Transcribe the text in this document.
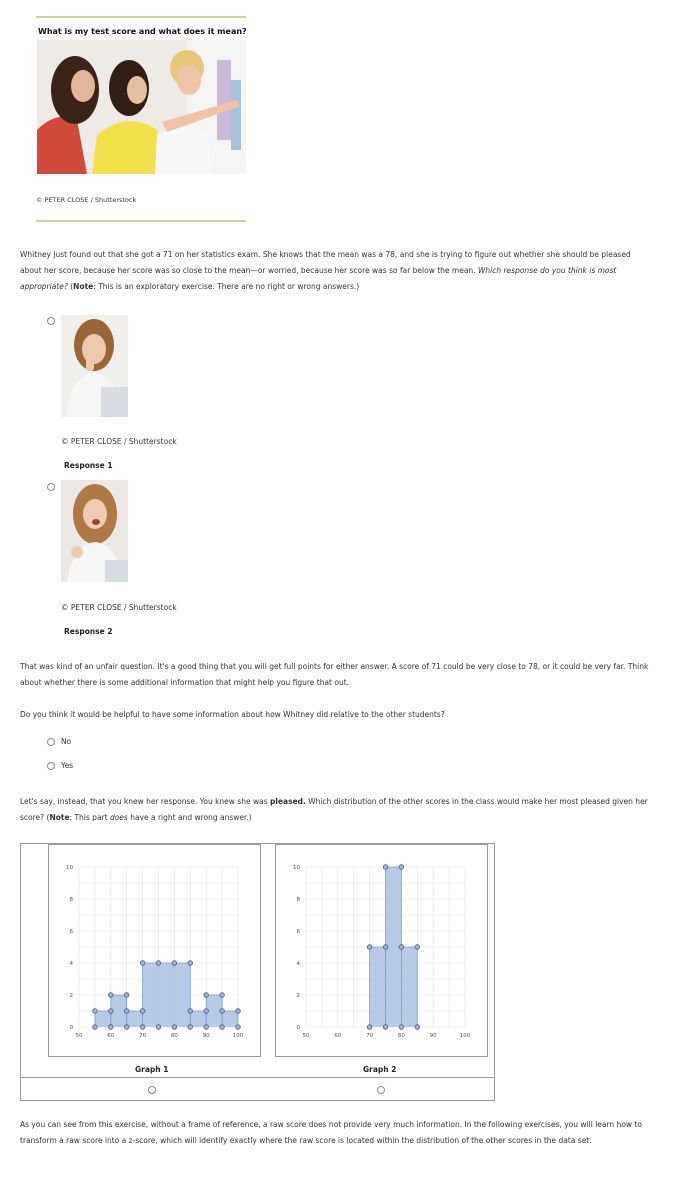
What is my test score and what does it mean?
© PETER CLOSE / Shutterstock
Whitney just found out that she got a 71 on her statistics exam. She knows that the mean was a 78, and she is trying to figure out whether she should be pleased about her score, because her score was so close to the mean—or worried, because her score was so far below the mean. Which response do you think is most appropriate? (Note: This is an exploratory exercise. There are no right or wrong answers.)
© PETER CLOSE / Shutterstock
Response 1
© PETER CLOSE / Shutterstock
Response 2
That was kind of an unfair question. It's a good thing that you will get full points for either answer. A score of 71 could be very close to 78, or it could be very far. Think about whether there is some additional information that might help you figure that out.
Do you think it would be helpful to have some information about how Whitney did relative to the other students?
No
Yes
Let's say, instead, that you knew her response. You knew she was pleased. Which distribution of the other scores in the class would make her most pleased given her score? (Note: This part does have a right and wrong answer.)
0
2
4
6
8
10
50	60	70	80	90	100
0
2
4
6
8
10
50	60	70	80	90	100
Graph 1	Graph 2
As you can see from this exercise, without a frame of reference, a raw score does not provide very much information. In the following exercises, you will learn how to transform a raw score into a z-score, which will identify exactly where the raw score is located within the distribution of the other scores in the data set.
